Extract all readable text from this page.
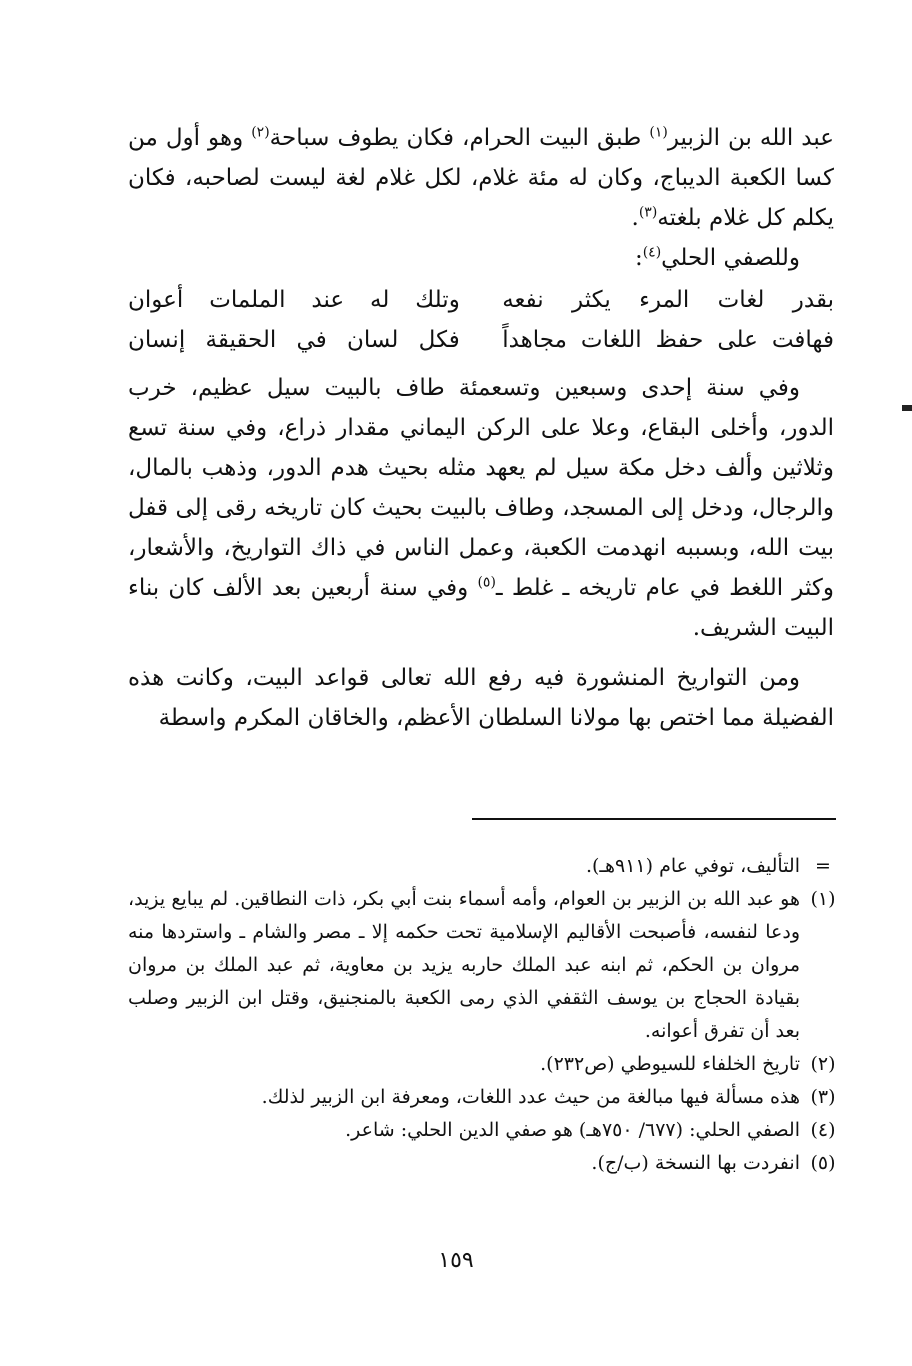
عبد الله بن الزبير$^{(١)}$ طبق البيت الحرام، فكان يطوف سباحة$^{(٢)}$ وهو أول من كسا الكعبة الديباج، وكان له مئة غلام، لكل غلام لغة ليست لصاحبه، فكان يكلم كل غلام بلغته$^{(٣)}$.

وللصفي الحلي$^{(٤)}$:

بقدر لغات المرء يكثر نفعه
وتلك له عند الملمات أعوان
فهافت على حفظ اللغات مجاهداً
فكل لسان في الحقيقة إنسان

وفي سنة إحدى وسبعين وتسعمئة طاف بالبيت سيل عظيم، خرب الدور، وأخلى البقاع، وعلا على الركن اليماني مقدار ذراع، وفي سنة تسع وثلاثين وألف دخل مكة سيل لم يعهد مثله بحيث هدم الدور، وذهب بالمال، والرجال، ودخل إلى المسجد، وطاف بالبيت بحيث كان تاريخه رقى إلى قفل بيت الله، وبسببه انهدمت الكعبة، وعمل الناس في ذاك التواريخ، والأشعار، وكثر اللغط في عام تاريخه ـ غلط ـ$^{(٥)}$ وفي سنة أربعين بعد الألف كان بناء البيت الشريف.

ومن التواريخ المنشورة فيه رفع الله تعالى قواعد البيت، وكانت هذه الفضيلة مما اختص بها مولانا السلطان الأعظم، والخاقان المكرم واسطة

=
التأليف، توفي عام (٩١١هـ).
(١)
هو عبد الله بن الزبير بن العوام، وأمه أسماء بنت أبي بكر، ذات النطاقين. لم يبايع يزيد، ودعا لنفسه، فأصبحت الأقاليم الإسلامية تحت حكمه إلا ـ مصر والشام ـ واستردها منه مروان بن الحكم، ثم ابنه عبد الملك حاربه يزيد بن معاوية، ثم عبد الملك بن مروان بقيادة الحجاج بن يوسف الثقفي الذي رمى الكعبة بالمنجنيق، وقتل ابن الزبير وصلب بعد أن تفرق أعوانه.
(٢)
تاريخ الخلفاء للسيوطي (ص٢٣٢).
(٣)
هذه مسألة فيها مبالغة من حيث عدد اللغات، ومعرفة ابن الزبير لذلك.
(٤)
الصفي الحلي: (٦٧٧/ ٧٥٠هـ) هو صفي الدين الحلي: شاعر.
(٥)
انفردت بها النسخة (ب/ج).
١٥٩
